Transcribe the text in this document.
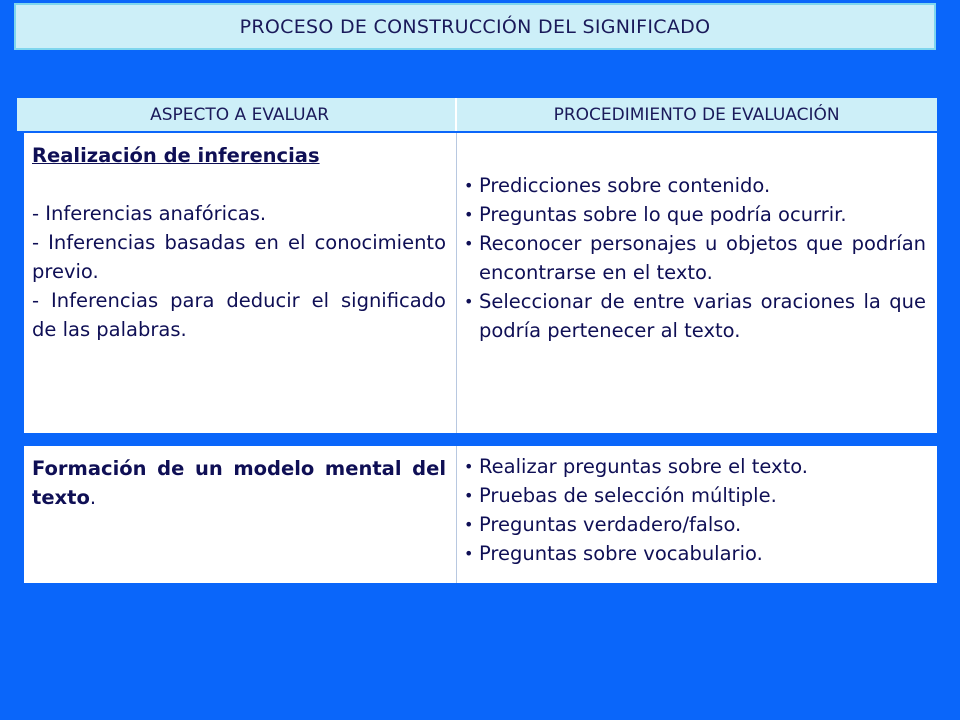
PROCESO DE CONSTRUCCIÓN DEL SIGNIFICADO
ASPECTO A EVALUAR	PROCEDIMIENTO DE EVALUACIÓN
Realización de inferencias
- Inferencias anafóricas.
- Inferencias basadas en el conocimiento previo.
- Inferencias para deducir el significado de las palabras.
• Predicciones sobre contenido.
• Preguntas sobre lo que podría ocurrir.
• Reconocer personajes u objetos que podrían encontrarse en el texto.
• Seleccionar de entre varias oraciones la que podría pertenecer al texto.
Formación de un modelo mental del texto.
• Realizar preguntas sobre el texto.
• Pruebas de selección múltiple.
• Preguntas verdadero/falso.
• Preguntas sobre vocabulario.
